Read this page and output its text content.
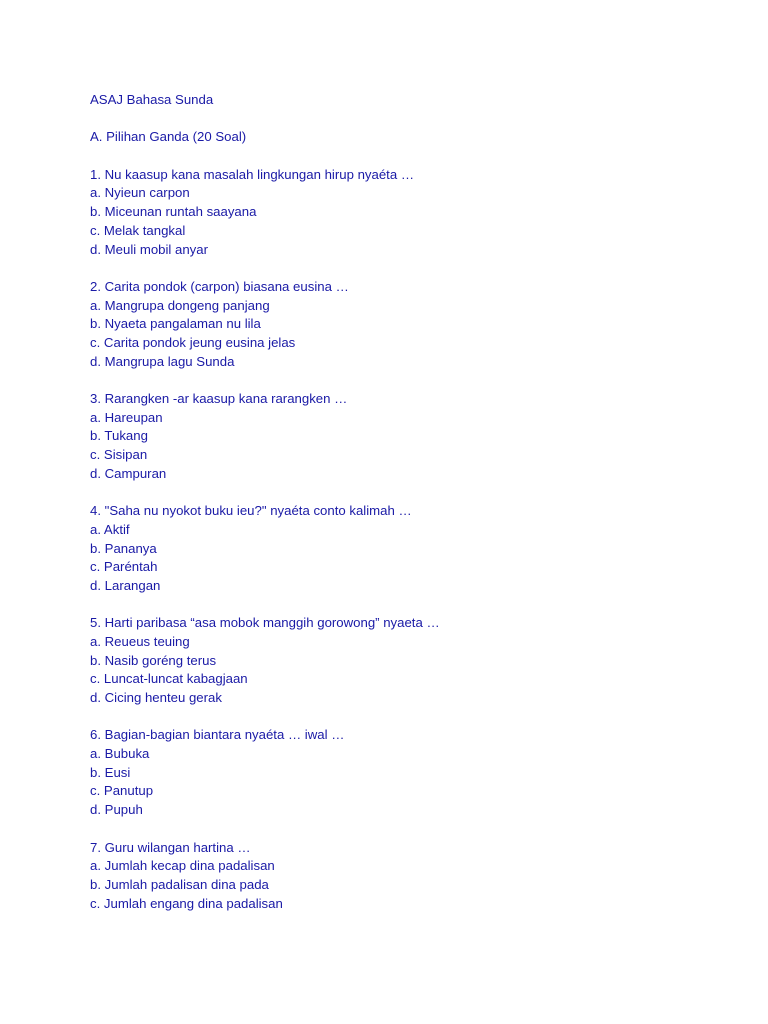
ASAJ Bahasa Sunda
A. Pilihan Ganda (20 Soal)
1. Nu kaasup kana masalah lingkungan hirup nyaéta …
a. Nyieun carpon
b. Miceunan runtah saayana
c. Melak tangkal
d. Meuli mobil anyar
2. Carita pondok (carpon) biasana eusina …
a. Mangrupa dongeng panjang
b. Nyaeta pangalaman nu lila
c. Carita pondok jeung eusina jelas
d. Mangrupa lagu Sunda
3. Rarangken -ar kaasup kana rarangken …
a. Hareupan
b. Tukang
c. Sisipan
d. Campuran
4. "Saha nu nyokot buku ieu?" nyaéta conto kalimah …
a. Aktif
b. Pananya
c. Paréntah
d. Larangan
5. Harti paribasa “asa mobok manggih gorowong” nyaeta …
a. Reueus teuing
b. Nasib goréng terus
c. Luncat-luncat kabagjaan
d. Cicing henteu gerak
6. Bagian-bagian biantara nyaéta … iwal …
a. Bubuka
b. Eusi
c. Panutup
d. Pupuh
7. Guru wilangan hartina …
a. Jumlah kecap dina padalisan
b. Jumlah padalisan dina pada
c. Jumlah engang dina padalisan
